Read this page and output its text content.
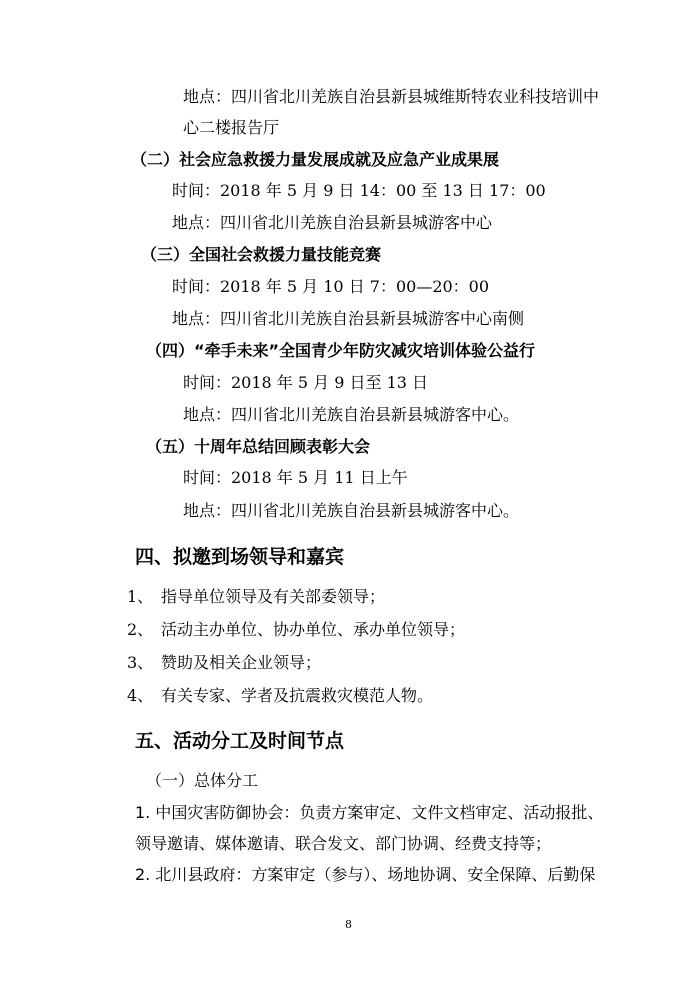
地点：四川省北川羌族自治县新县城维斯特农业科技培训中
心二楼报告厅
（二）社会应急救援力量发展成就及应急产业成果展
时间：2018 年 5 月 9 日 14：00 至 13 日 17：00
地点：四川省北川羌族自治县新县城游客中心
（三）全国社会救援力量技能竞赛
时间：2018 年 5 月 10 日 7：00—20：00
地点：四川省北川羌族自治县新县城游客中心南侧
（四）“牵手未来”全国青少年防灾减灾培训体验公益行
时间：2018 年 5 月 9 日至 13 日
地点：四川省北川羌族自治县新县城游客中心。
（五）十周年总结回顾表彰大会
时间：2018 年 5 月 11 日上午
地点：四川省北川羌族自治县新县城游客中心。
四、拟邀到场领导和嘉宾
1、 指导单位领导及有关部委领导；
2、 活动主办单位、协办单位、承办单位领导；
3、 赞助及相关企业领导；
4、 有关专家、学者及抗震救灾模范人物。
五、活动分工及时间节点
（一）总体分工
1. 中国灾害防御协会：负责方案审定、文件文档审定、活动报批、
领导邀请、媒体邀请、联合发文、部门协调、经费支持等；
2. 北川县政府：方案审定（参与）、场地协调、安全保障、后勤保
8
